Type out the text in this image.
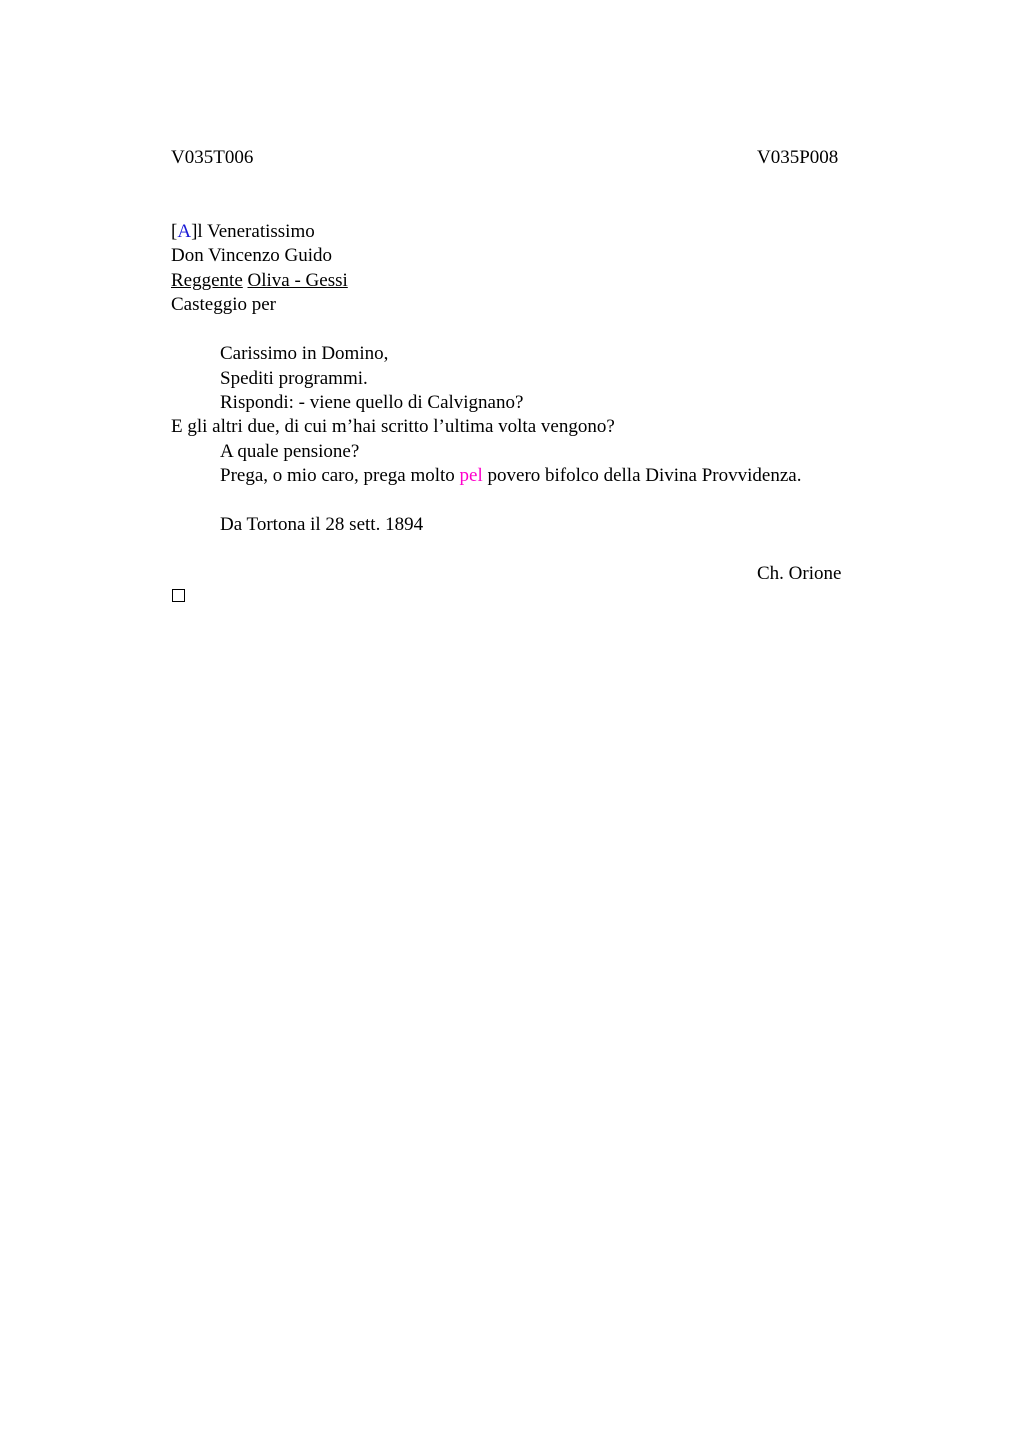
V035T006	V035P008
[A]l Veneratissimo
Don Vincenzo Guido
Reggente Oliva - Gessi
Casteggio per
Carissimo in Domino,
Spediti programmi.
Rispondi: - viene quello di Calvignano?
E gli altri due, di cui m’hai scritto l’ultima volta vengono?
A quale pensione?
Prega, o mio caro, prega molto pel povero bifolco della Divina Provvidenza.
Da Tortona il 28 sett. 1894
Ch. Orione
